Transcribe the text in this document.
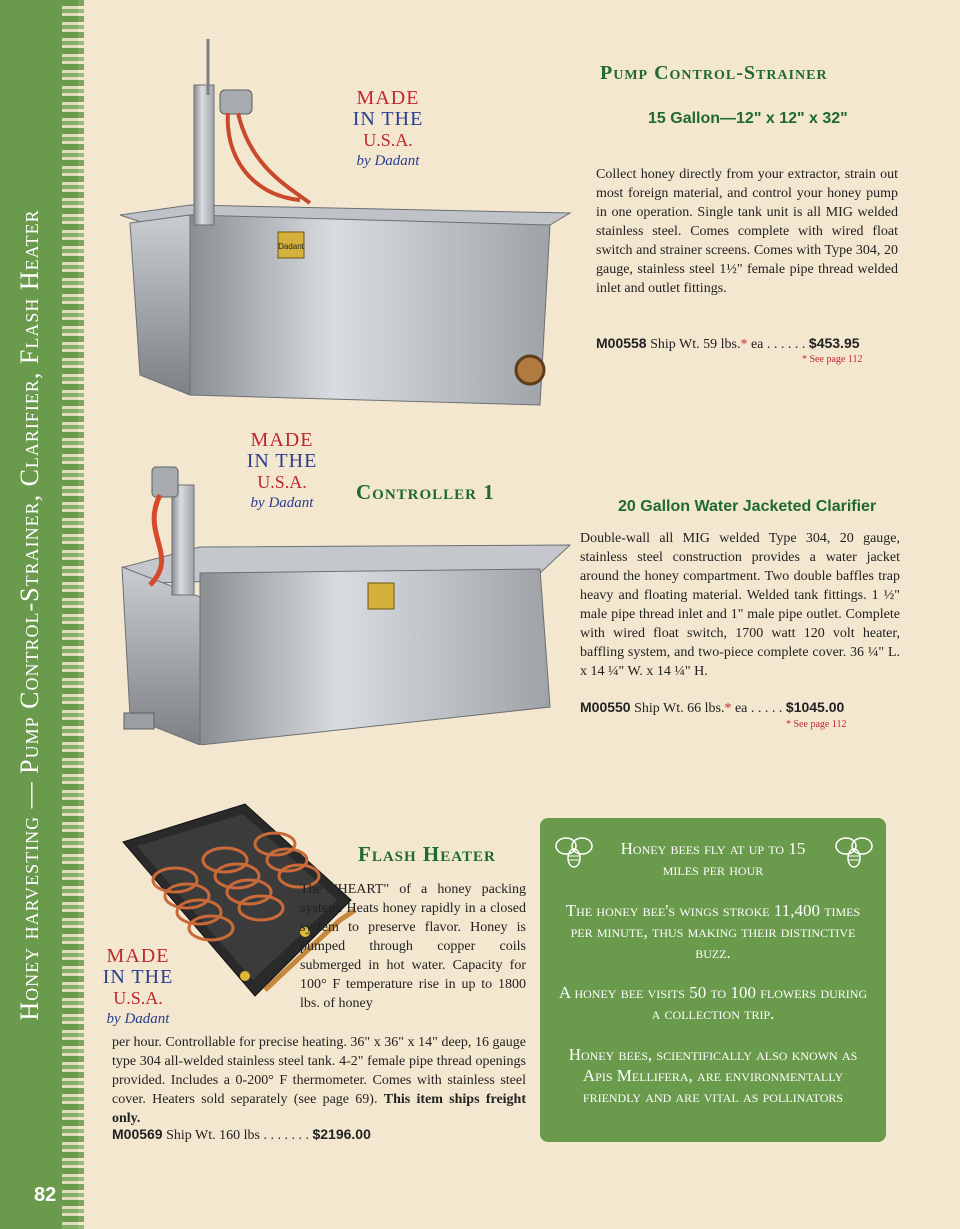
Honey harvesting — Pump Control-Strainer, Clarifier, Flash Heater
82
Dadant
MADE
IN THE
U.S.A.
by Dadant
Pump Control-Strainer
15 Gallon—12" x 12" x 32"
Collect honey directly from your extractor, strain out most foreign material, and control your honey pump in one operation. Single tank unit is all MIG welded stainless steel. Comes complete with wired float switch and strainer screens. Comes with Type 304, 20 gauge, stainless steel 1½" female pipe thread welded inlet and outlet fittings.
M00558 Ship Wt. 59 lbs.* ea . . . . . . $453.95
* See page 112
MADE
IN THE
U.S.A.
by Dadant	Controller 1
20 Gallon Water Jacketed Clarifier
Double-wall all MIG welded Type 304, 20 gauge, stainless steel construction provides a water jacket around the honey compartment. Two double baffles trap heavy and floating material. Welded tank fittings. 1 ½" male pipe thread inlet and 1" male pipe outlet. Complete with wired float switch, 1700 watt 120 volt heater, baffling system, and two-piece complete cover. 36 ¼" L. x 14 ¼" W. x 14 ¼" H.
M00550 Ship Wt. 66 lbs.* ea . . . . . $1045.00
* See page 112
MADE
IN THE
U.S.A.
by Dadant
Flash Heater
The "HEART" of a honey packing system. Heats honey rapidly in a closed system to preserve flavor. Honey is pumped through copper coils submerged in hot water. Capacity for 100° F temperature rise in up to 1800 lbs. of honey
per hour. Controllable for precise heating. 36" x 36" x 14" deep, 16 gauge type 304 all-welded stainless steel tank. 4-2" female pipe thread openings provided. Includes a 0-200° F thermometer. Comes with stainless steel cover. Heaters sold separately (see page 69). This item ships freight only.
M00569 Ship Wt. 160 lbs . . . . . . . $2196.00
Honey bees fly at up to 15 miles per hour
The honey bee's wings stroke 11,400 times per minute, thus making their distinctive buzz.
A honey bee visits 50 to 100 flowers during a collection trip.
Honey bees, scientifically also known as Apis Mellifera, are environmentally friendly and are vital as pollinators
